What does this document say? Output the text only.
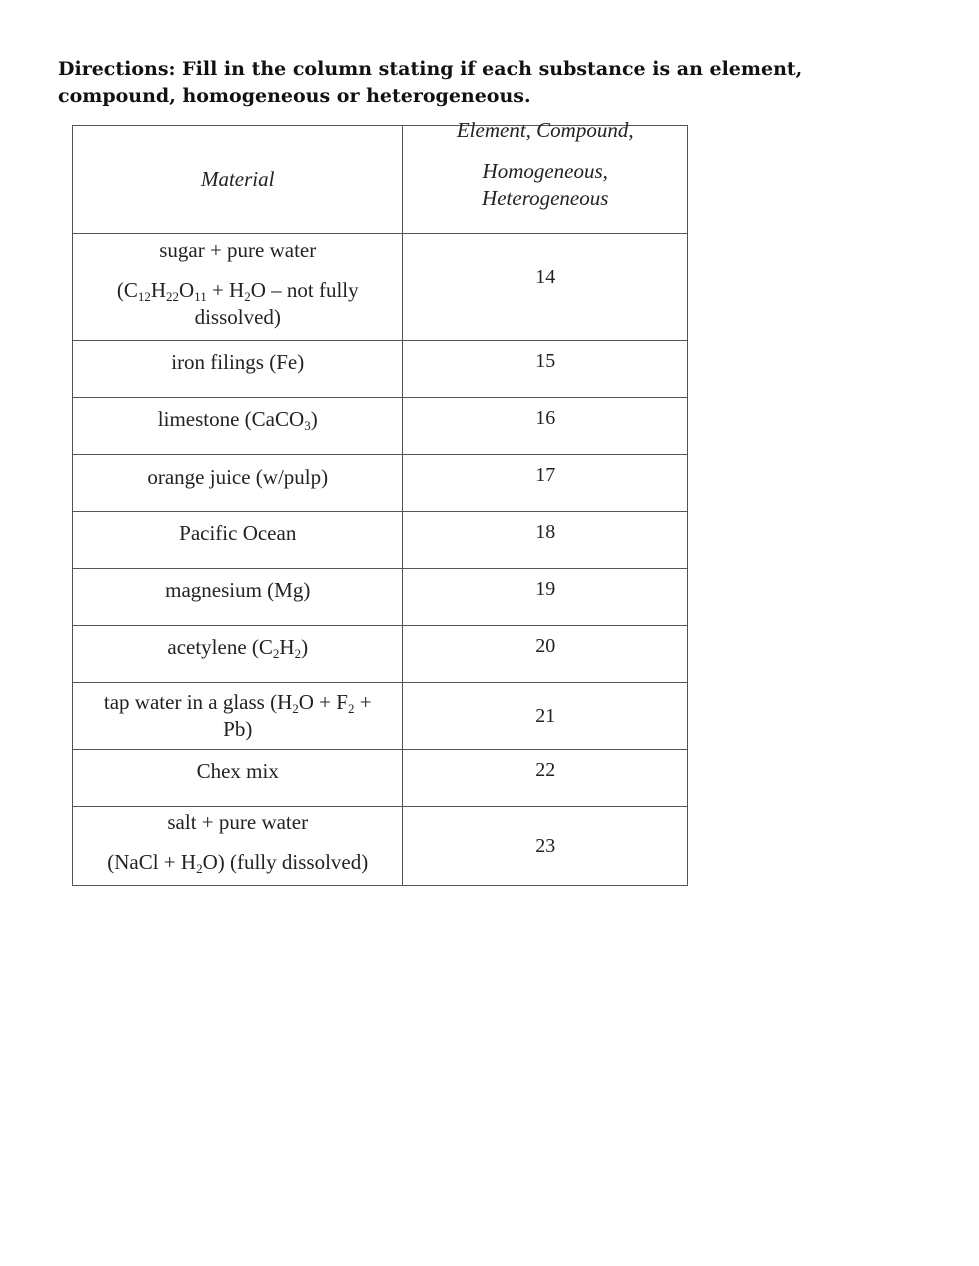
Directions: Fill in the column stating if each substance is an element, compound, homogeneous or heterogeneous.
Material	Element, Compound,
Homogeneous,
Heterogeneous

sugar + pure water
($C_{12}H_{22}O_{11} + H_2O$ – not fully dissolved)	14
iron filings (Fe)	15
limestone (CaCO$_3$)	16
orange juice (w/pulp)	17
Pacific Ocean	18
magnesium (Mg)	19
acetylene $(C_2H_2)$	20
tap water in a glass $(H_2O + F_2 + Pb)$	21
Chex mix	22
salt + pure water
(NaCl + $H_2O$) (fully dissolved)	23
